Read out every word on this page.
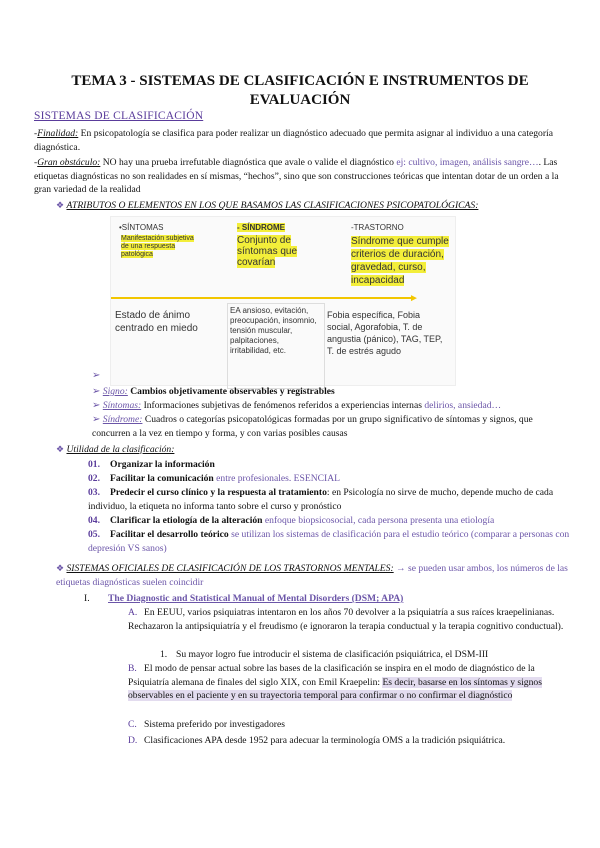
TEMA 3 - SISTEMAS DE CLASIFICACIÓN E INSTRUMENTOS DE
EVALUACIÓN
SISTEMAS DE CLASIFICACIÓN
-Finalidad: En psicopatología se clasifica para poder realizar un diagnóstico adecuado que permita asignar al individuo a una categoría diagnóstica.
-Gran obstáculo: NO hay una prueba irrefutable diagnóstica que avale o valide el diagnóstico ej: cultivo, imagen, análisis sangre…. Las etiquetas diagnósticas no son realidades en sí mismas, “hechos”, sino que son construcciones teóricas que intentan dotar de un orden a la gran variedad de la realidad
❖ ATRIBUTOS O ELEMENTOS EN LOS QUE BASAMOS LAS CLASIFICACIONES PSICOPATOLÓGICAS:
•SÍNTOMAS
Manifestación subjetiva de una respuesta patológica
- SÍNDROME
Conjunto de síntomas que covarían
-TRASTORNO
Síndrome que cumple
criterios de duración, gravedad, curso, incapacidad
►
Estado de ánimo centrado en miedo
EA ansioso, evitación, preocupación, insomnio, tensión muscular, palpitaciones, irritabilidad, etc.
Fobia específica, Fobia social, Agorafobia, T. de angustia (pánico), TAG, TEP, T. de estrés agudo
➢
➢ Signo: Cambios objetivamente observables y registrables
➢ Síntomas: Informaciones subjetivas de fenómenos referidos a experiencias internas delirios, ansiedad…
➢ Síndrome: Cuadros o categorías psicopatológicas formadas por un grupo significativo de síntomas y signos, que concurren a la vez en tiempo y forma, y con varias posibles causas
❖ Utilidad de la clasificación:
01. Organizar la información
02. Facilitar la comunicación entre profesionales. ESENCIAL
03. Predecir el curso clínico y la respuesta al tratamiento: en Psicología no sirve de mucho, depende mucho de cada individuo, la etiqueta no informa tanto sobre el curso y pronóstico
04. Clarificar la etiología de la alteración enfoque biopsicosocial, cada persona presenta una etiología
05. Facilitar el desarrollo teórico se utilizan los sistemas de clasificación para el estudio teórico (comparar a personas con depresión VS sanos)
❖ SISTEMAS OFICIALES DE CLASIFICACIÓN DE LOS TRASTORNOS MENTALES: → se pueden usar ambos, los números de las etiquetas diagnósticas suelen coincidir
I. The Diagnostic and Statistical Manual of Mental Disorders (DSM; APA)
A. En EEUU, varios psiquiatras intentaron en los años 70 devolver a la psiquiatría a sus raíces kraepelinianas. Rechazaron la antipsiquiatría y el freudismo (e ignoraron la terapia conductual y la terapia cognitivo conductual).
1. Su mayor logro fue introducir el sistema de clasificación psiquiátrica, el DSM-III
B. El modo de pensar actual sobre las bases de la clasificación se inspira en el modo de diagnóstico de la Psiquiatría alemana de finales del siglo XIX, con Emil Kraepelin: Es decir, basarse en los síntomas y signos observables en el paciente y en su trayectoria temporal para confirmar o no confirmar el diagnóstico
C. Sistema preferido por investigadores
D. Clasificaciones APA desde 1952 para adecuar la terminología OMS a la tradición psiquiátrica.
